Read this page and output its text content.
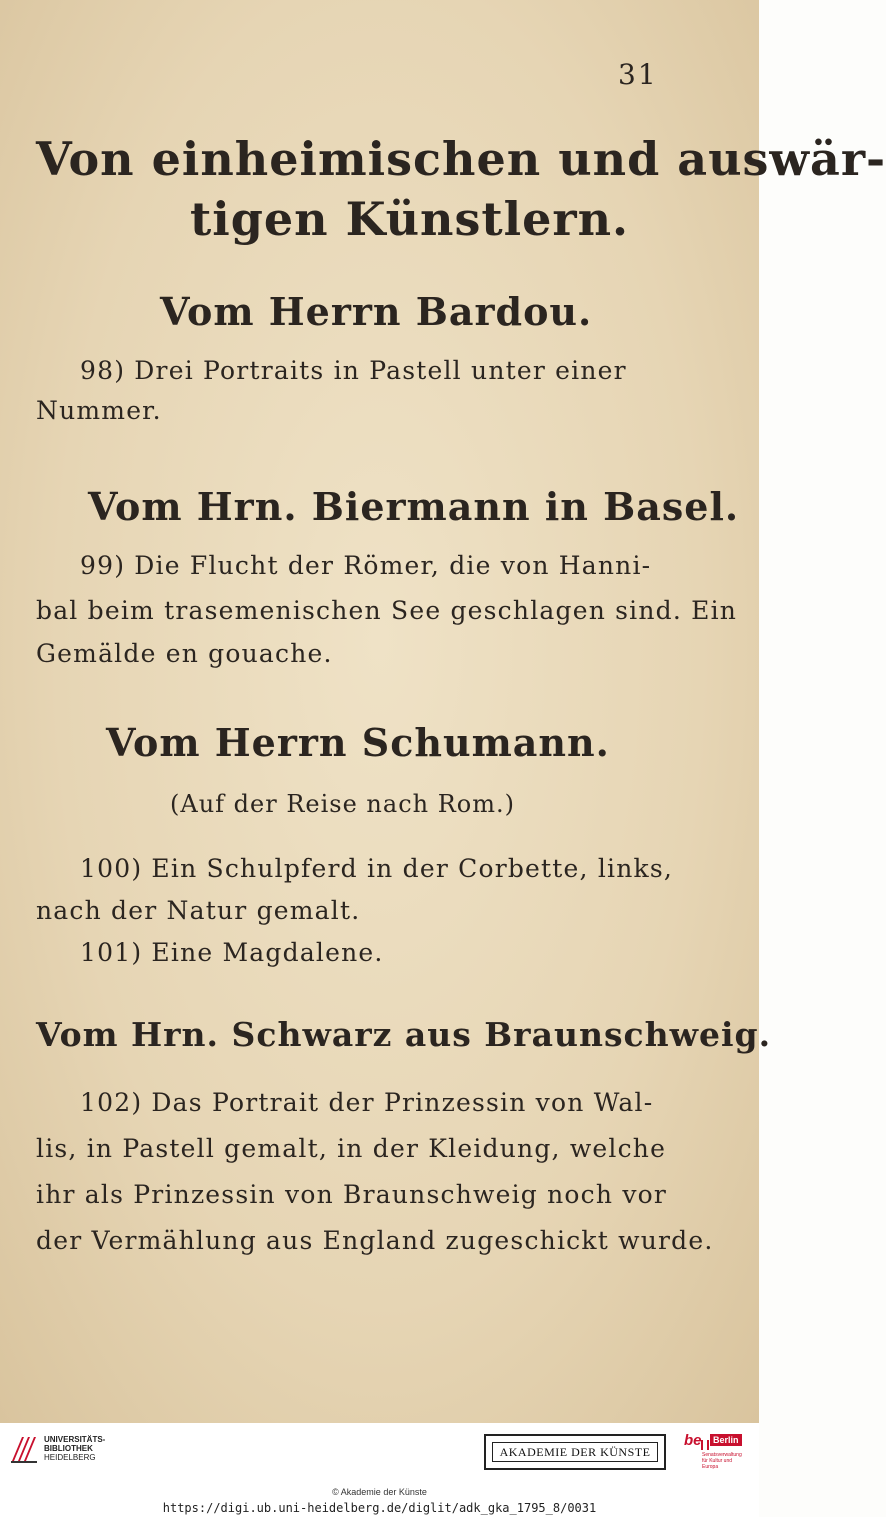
31
Von einheimischen und auswär-
tigen Künstlern.
Vom Herrn Bardou.
98) Drei Portraits in Pastell unter einer
Nummer.
Vom Hrn. Biermann in Basel.
99) Die Flucht der Römer, die von Hanni-
bal beim trasemenischen See geschlagen sind. Ein
Gemälde en gouache.
Vom Herrn Schumann.
(Auf der Reise nach Rom.)
100) Ein Schulpferd in der Corbette, links,
nach der Natur gemalt.
101) Eine Magdalene.
Vom Hrn. Schwarz aus Braunschweig.
102) Das Portrait der Prinzessin von Wal-
lis, in Pastell gemalt, in der Kleidung, welche
ihr als Prinzessin von Braunschweig noch vor
der Vermählung aus England zugeschickt wurde.
UNIVERSITÄTS-
BIBLIOTHEK
HEIDELBERG	AKADEMIE DER KÜNSTE
be	Berlin
Senatsverwaltung
für Kultur und Europa
© Akademie der Künste
https://digi.ub.uni-heidelberg.de/diglit/adk_gka_1795_8/0031
